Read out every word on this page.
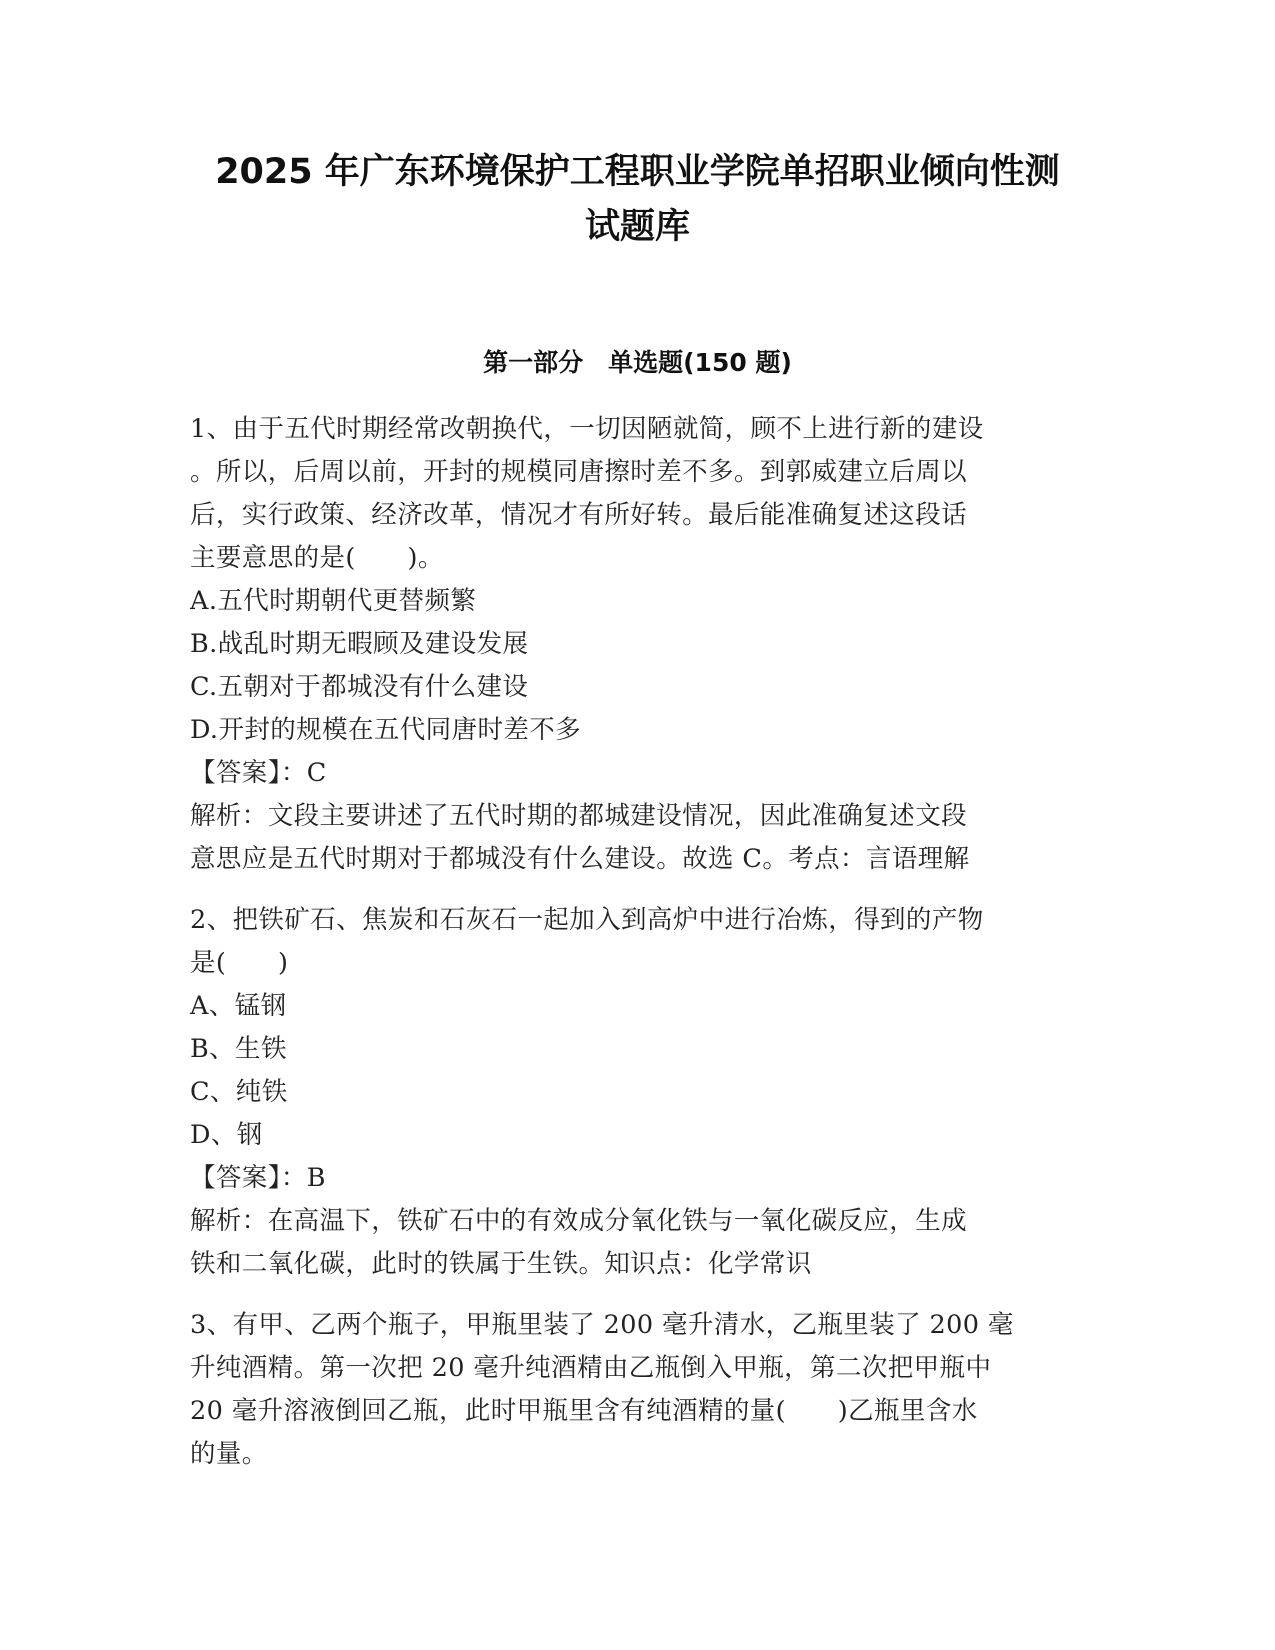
2025 年广东环境保护工程职业学院单招职业倾向性测
试题库
第一部分　单选题(150 题)
1、由于五代时期经常改朝换代，一切因陋就简，顾不上进行新的建设
。所以，后周以前，开封的规模同唐擦时差不多。到郭威建立后周以
后，实行政策、经济改革，情况才有所好转。最后能准确复述这段话
主要意思的是(　　)。
A.五代时期朝代更替频繁
B.战乱时期无暇顾及建设发展
C.五朝对于都城没有什么建设
D.开封的规模在五代同唐时差不多
【答案】：C
解析：文段主要讲述了五代时期的都城建设情况，因此准确复述文段
意思应是五代时期对于都城没有什么建设。故选 C。考点：言语理解
2、把铁矿石、焦炭和石灰石一起加入到高炉中进行冶炼，得到的产物
是(　　)
A、锰钢
B、生铁
C、纯铁
D、钢
【答案】：B
解析：在高温下，铁矿石中的有效成分氧化铁与一氧化碳反应，生成
铁和二氧化碳，此时的铁属于生铁。知识点：化学常识
3、有甲、乙两个瓶子，甲瓶里装了 200 毫升清水，乙瓶里装了 200 毫
升纯酒精。第一次把 20 毫升纯酒精由乙瓶倒入甲瓶，第二次把甲瓶中
20 毫升溶液倒回乙瓶，此时甲瓶里含有纯酒精的量(　　)乙瓶里含水
的量。
